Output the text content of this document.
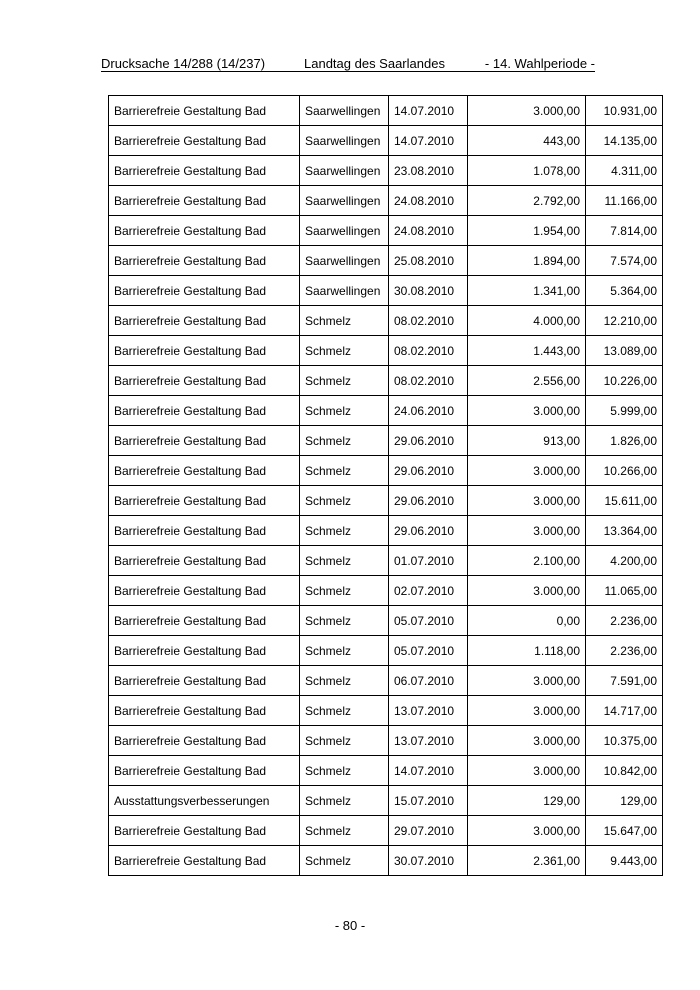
Drucksache 14/288 (14/237)	Landtag des Saarlandes	- 14. Wahlperiode -
Barrierefreie Gestaltung Bad	Saarwellingen	14.07.2010	3.000,00	10.931,00
Barrierefreie Gestaltung Bad	Saarwellingen	14.07.2010	443,00	14.135,00
Barrierefreie Gestaltung Bad	Saarwellingen	23.08.2010	1.078,00	4.311,00
Barrierefreie Gestaltung Bad	Saarwellingen	24.08.2010	2.792,00	11.166,00
Barrierefreie Gestaltung Bad	Saarwellingen	24.08.2010	1.954,00	7.814,00
Barrierefreie Gestaltung Bad	Saarwellingen	25.08.2010	1.894,00	7.574,00
Barrierefreie Gestaltung Bad	Saarwellingen	30.08.2010	1.341,00	5.364,00
Barrierefreie Gestaltung Bad	Schmelz	08.02.2010	4.000,00	12.210,00
Barrierefreie Gestaltung Bad	Schmelz	08.02.2010	1.443,00	13.089,00
Barrierefreie Gestaltung Bad	Schmelz	08.02.2010	2.556,00	10.226,00
Barrierefreie Gestaltung Bad	Schmelz	24.06.2010	3.000,00	5.999,00
Barrierefreie Gestaltung Bad	Schmelz	29.06.2010	913,00	1.826,00
Barrierefreie Gestaltung Bad	Schmelz	29.06.2010	3.000,00	10.266,00
Barrierefreie Gestaltung Bad	Schmelz	29.06.2010	3.000,00	15.611,00
Barrierefreie Gestaltung Bad	Schmelz	29.06.2010	3.000,00	13.364,00
Barrierefreie Gestaltung Bad	Schmelz	01.07.2010	2.100,00	4.200,00
Barrierefreie Gestaltung Bad	Schmelz	02.07.2010	3.000,00	11.065,00
Barrierefreie Gestaltung Bad	Schmelz	05.07.2010	0,00	2.236,00
Barrierefreie Gestaltung Bad	Schmelz	05.07.2010	1.118,00	2.236,00
Barrierefreie Gestaltung Bad	Schmelz	06.07.2010	3.000,00	7.591,00
Barrierefreie Gestaltung Bad	Schmelz	13.07.2010	3.000,00	14.717,00
Barrierefreie Gestaltung Bad	Schmelz	13.07.2010	3.000,00	10.375,00
Barrierefreie Gestaltung Bad	Schmelz	14.07.2010	3.000,00	10.842,00
Ausstattungsverbesserungen	Schmelz	15.07.2010	129,00	129,00
Barrierefreie Gestaltung Bad	Schmelz	29.07.2010	3.000,00	15.647,00
Barrierefreie Gestaltung Bad	Schmelz	30.07.2010	2.361,00	9.443,00
- 80 -
